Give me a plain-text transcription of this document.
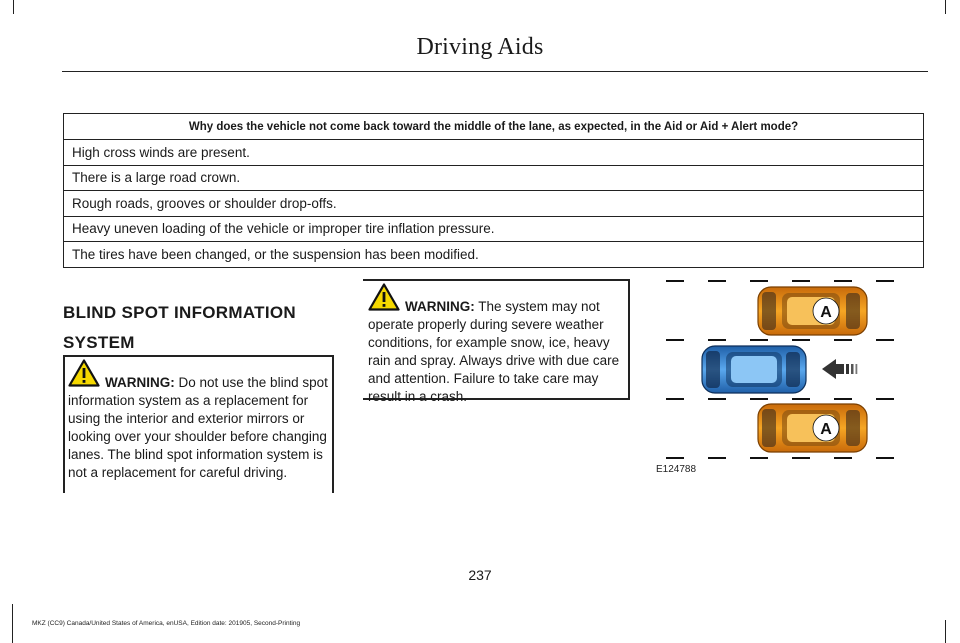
Driving Aids
Why does the vehicle not come back toward the middle of the lane, as expected, in the Aid or Aid + Alert mode?
High cross winds are present.
There is a large road crown.
Rough roads, grooves or shoulder drop-offs.
Heavy uneven loading of the vehicle or improper tire inflation pressure.
The tires have been changed, or the suspension has been modified.
BLIND SPOT INFORMATION
SYSTEM

WARNING: Do not use the blind spot information system as a replacement for using the interior and exterior mirrors or looking over your shoulder before changing lanes. The blind spot information system is not a replacement for careful driving.

WARNING: The system may not operate properly during severe weather conditions, for example snow, ice, heavy rain and spray. Always drive with due care and attention. Failure to take care may result in a crash.

A
A
E124788
237
MKZ (CC9) Canada/United States of America, enUSA, Edition date: 201905, Second-Printing
